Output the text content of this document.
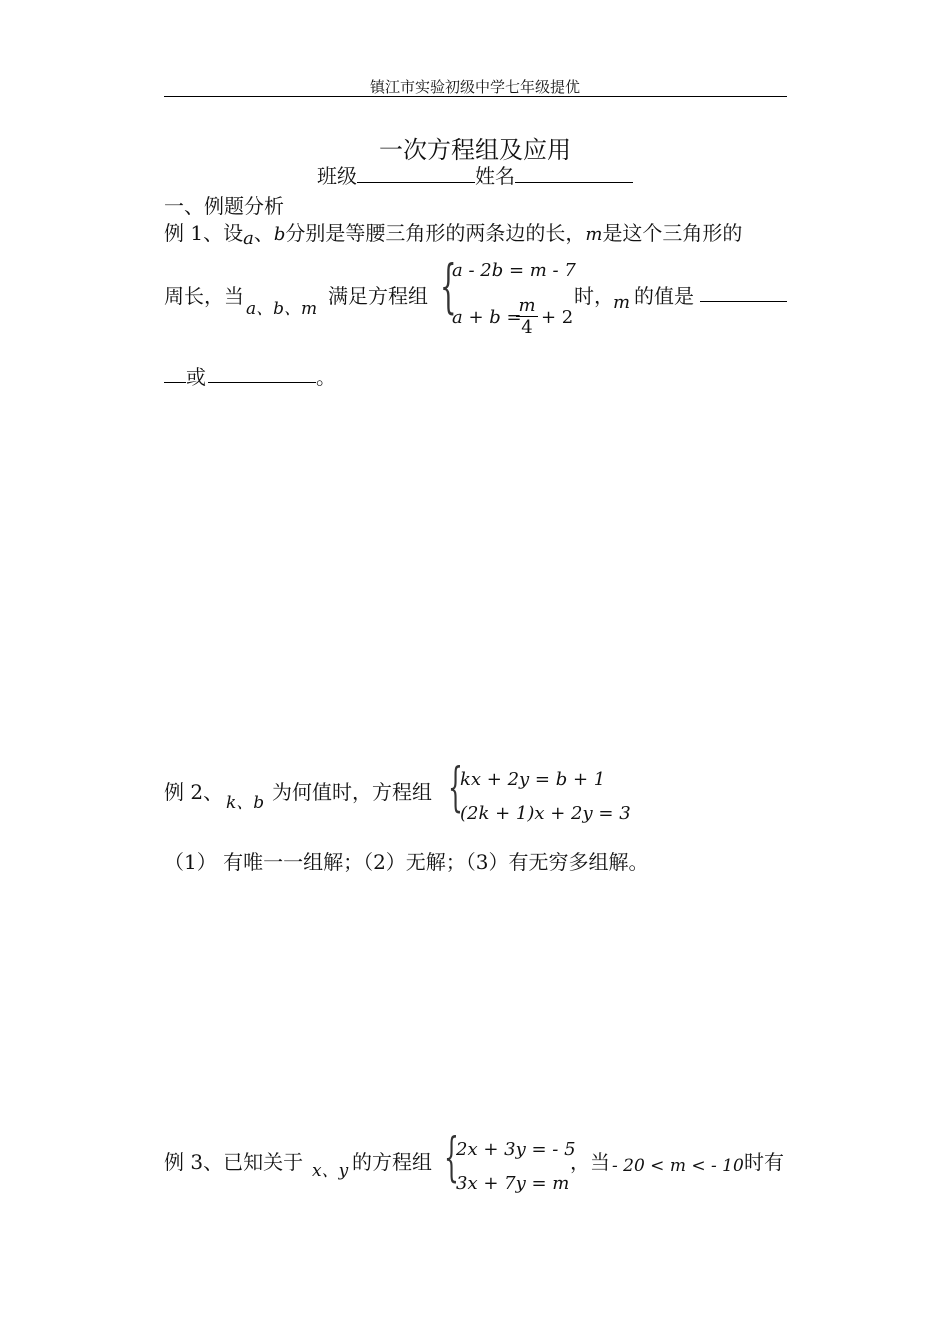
镇江市实验初级中学七年级提优
一次方程组及应用
班级	姓名
一、例题分析
例 1、设a、b分别是等腰三角形的两条边的长，m是这个三角形的
周长，当
a、b、m
满足方程组 {
a - 2b = m - 7
a + b =
$\frac{m}{4} + 2$
时， m 的值是
或	。
例 2、 k、b 为何值时，方程组 {
kx + 2y = b + 1
(2k + 1)x + 2y = 3
（1） 有唯一一组解；（2）无解；（3）有无穷多组解。
例 3、已知关于 x、y 的方程组 {
2x + 3y = - 5
3x + 7y = m
，当 - 20 < m < - 10 时有
